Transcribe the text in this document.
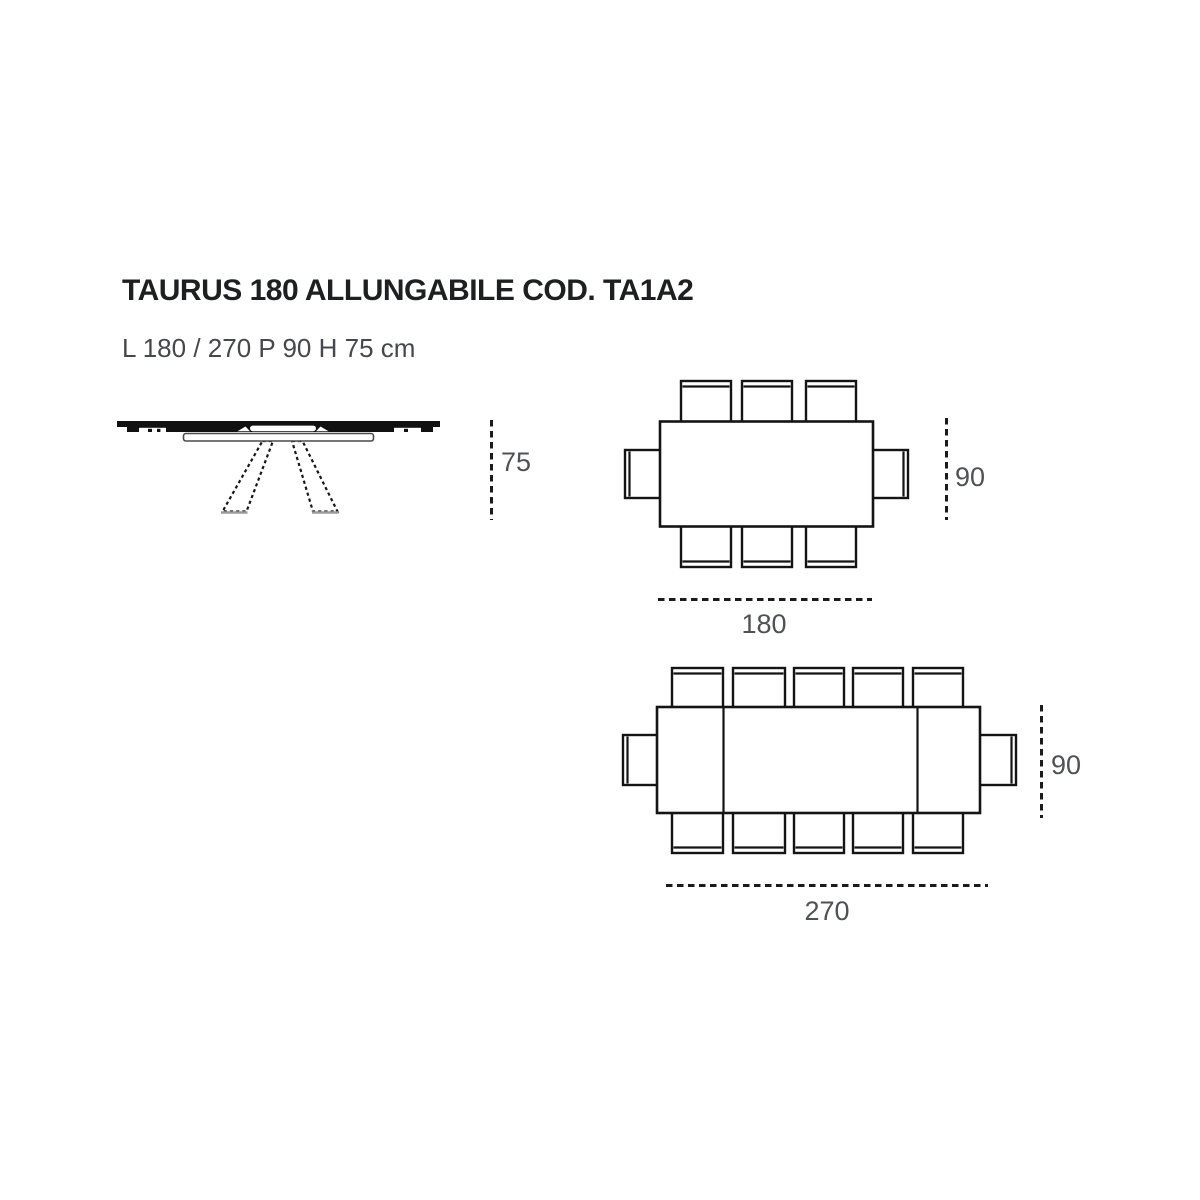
TAURUS 180 ALLUNGABILE COD. TA1A2
L 180 / 270 P 90 H 75 cm
75	90
180
90
270
